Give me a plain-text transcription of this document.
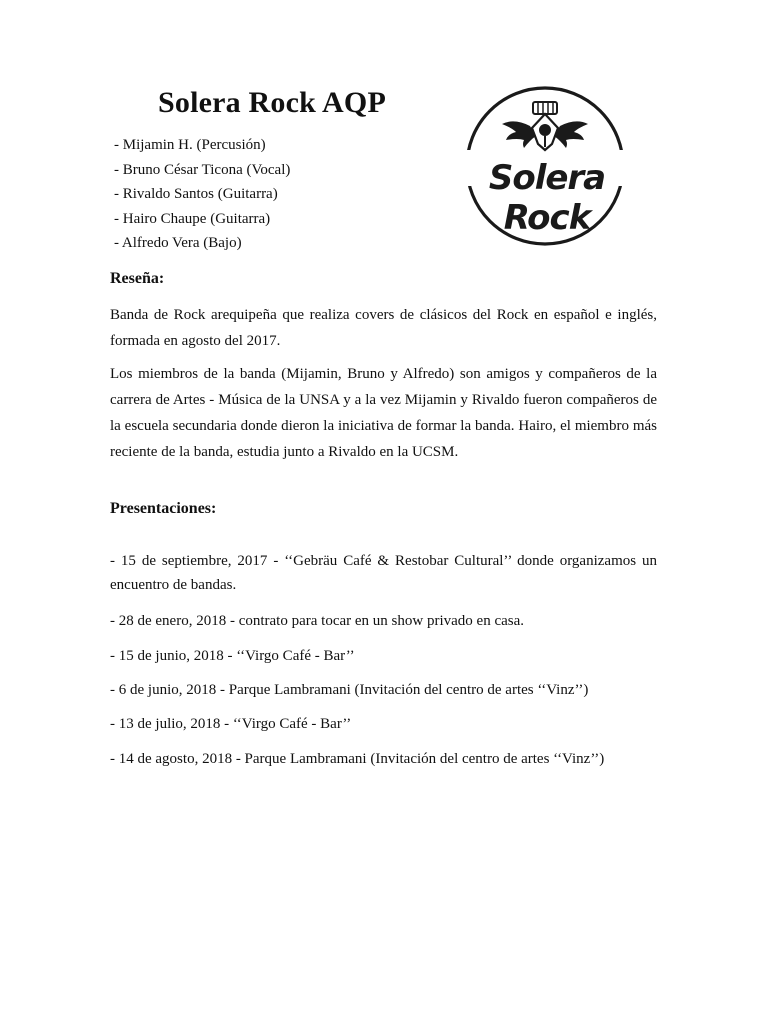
Solera Rock AQP
- Mijamin H. (Percusión)
- Bruno César Ticona (Vocal)
- Rivaldo Santos (Guitarra)
- Hairo Chaupe (Guitarra)
- Alfredo Vera (Bajo)
Solera Rock
Reseña:

Banda de Rock arequipeña que realiza covers de clásicos del Rock en español e inglés, formada en agosto del 2017.

Los miembros de la banda (Mijamin, Bruno y Alfredo) son amigos y compañeros de la carrera de Artes - Música de la UNSA y a la vez Mijamin y Rivaldo fueron compañeros de la escuela secundaria donde dieron la iniciativa de formar la banda. Hairo, el miembro más reciente de la banda, estudia junto a Rivaldo en la UCSM.

Presentaciones:

- 15 de septiembre, 2017 - ‘‘Gebräu Café & Restobar Cultural’’ donde organizamos un encuentro de bandas.

- 28 de enero, 2018 - contrato para tocar en un show privado en casa.

- 15 de junio, 2018 - ‘‘Virgo Café - Bar’’

- 6 de junio, 2018 - Parque Lambramani (Invitación del centro de artes ‘‘Vinz’’)

- 13 de julio, 2018 - ‘‘Virgo Café - Bar’’

- 14 de agosto, 2018 - Parque Lambramani (Invitación del centro de artes ‘‘Vinz’’)
